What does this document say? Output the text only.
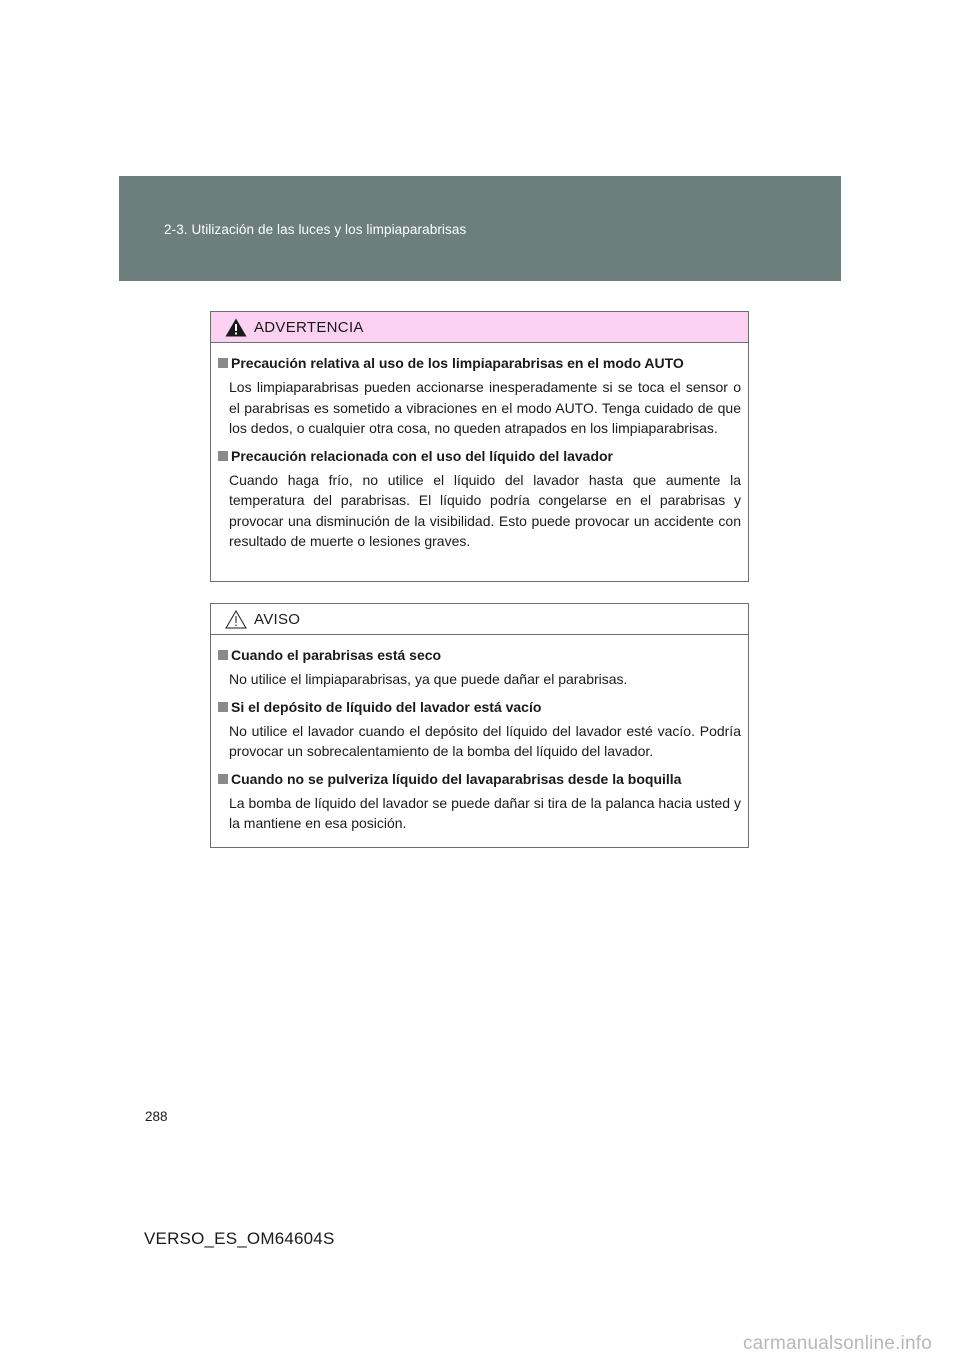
2-3. Utilización de las luces y los limpiaparabrisas
ADVERTENCIA
Precaución relativa al uso de los limpiaparabrisas en el modo AUTO
Los limpiaparabrisas pueden accionarse inesperadamente si se toca el sensor o el parabrisas es sometido a vibraciones en el modo AUTO. Tenga cuidado de que los dedos, o cualquier otra cosa, no queden atrapados en los limpiaparabrisas.
Precaución relacionada con el uso del líquido del lavador
Cuando haga frío, no utilice el líquido del lavador hasta que aumente la temperatura del parabrisas. El líquido podría congelarse en el parabrisas y provocar una disminución de la visibilidad. Esto puede provocar un accidente con resultado de muerte o lesiones graves.
AVISO
Cuando el parabrisas está seco
No utilice el limpiaparabrisas, ya que puede dañar el parabrisas.
Si el depósito de líquido del lavador está vacío
No utilice el lavador cuando el depósito del líquido del lavador esté vacío. Podría provocar un sobrecalentamiento de la bomba del líquido del lavador.
Cuando no se pulveriza líquido del lavaparabrisas desde la boquilla
La bomba de líquido del lavador se puede dañar si tira de la palanca hacia usted y la mantiene en esa posición.
288
VERSO_ES_OM64604S
carmanualsonline.info
